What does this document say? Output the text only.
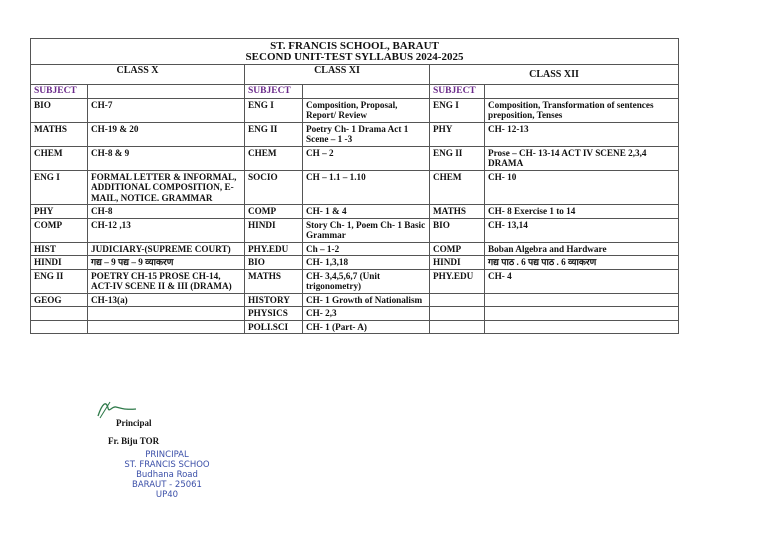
ST. FRANCIS SCHOOL, BARAUT
SECOND UNIT-TEST SYLLABUS 2024-2025					

CLASS X		CLASS XI		CLASS XII	
SUBJECT		SUBJECT		SUBJECT	
BIO	CH-7	ENG I	Composition, Proposal, Report/ Review	ENG I	Composition, Transformation of sentences preposition, Tenses
MATHS	CH-19 & 20	ENG II	Poetry Ch- 1 Drama Act 1 Scene – 1 -3	PHY	CH- 12-13
CHEM	CH-8 & 9	CHEM	CH – 2	ENG II	Prose – CH- 13-14 ACT IV SCENE 2,3,4 DRAMA
ENG I	FORMAL LETTER & INFORMAL, ADDITIONAL COMPOSITION, E-MAIL, NOTICE. GRAMMAR	SOCIO	CH – 1.1 – 1.10	CHEM	CH- 10
PHY	CH-8	COMP	CH- 1 & 4	MATHS	CH- 8 Exercise 1 to 14
COMP	CH-12 ,13	HINDI	Story Ch- 1, Poem Ch- 1 Basic Grammar	BIO	CH- 13,14
HIST	JUDICIARY-(SUPREME COURT)	PHY.EDU	Ch – 1-2	COMP	Boban Algebra and Hardware
HINDI	गद्य – 9 पद्य – 9 व्याकरण	BIO	CH- 1,3,18	HINDI	गद्य पाठ . 6 पद्य पाठ . 6 व्याकरण
ENG II	POETRY CH-15 PROSE CH-14, ACT-IV SCENE II & III (DRAMA)	MATHS	CH- 3,4,5,6,7 (Unit trigonometry)	PHY.EDU	CH- 4
GEOG	CH-13(a)	HISTORY	CH- 1 Growth of Nationalism		
		PHYSICS	CH- 2,3		
		POLI.SCI	CH- 1 (Part- A)		
Principal
Fr. Biju TOR
PRINCIPAL
ST. FRANCIS SCHOO
Budhana Road
BARAUT - 25061
UP40
